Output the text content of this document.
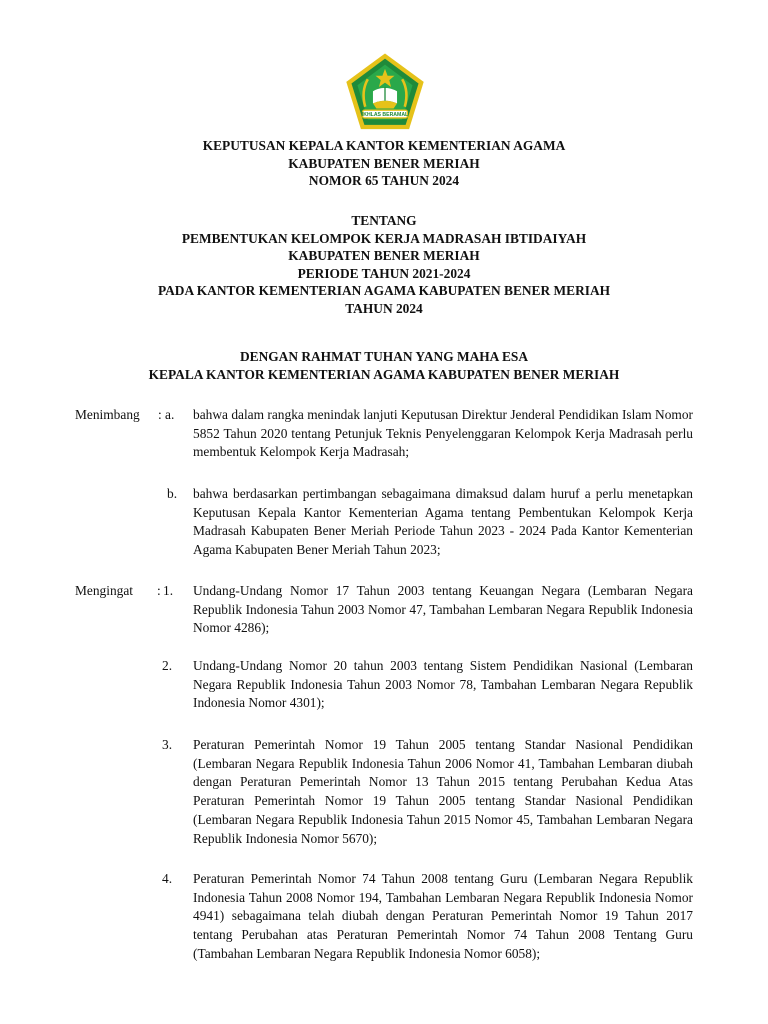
IKHLAS BERAMAL
KEPUTUSAN KEPALA KANTOR KEMENTERIAN AGAMA
KABUPATEN BENER MERIAH
NOMOR 65 TAHUN 2024
TENTANG
PEMBENTUKAN KELOMPOK KERJA MADRASAH IBTIDAIYAH
KABUPATEN BENER MERIAH
PERIODE TAHUN 2021-2024
PADA KANTOR KEMENTERIAN AGAMA KABUPATEN BENER MERIAH
TAHUN 2024
DENGAN RAHMAT TUHAN YANG MAHA ESA
KEPALA KANTOR KEMENTERIAN AGAMA KABUPATEN BENER MERIAH
Menimbang : a. bahwa dalam rangka menindak lanjuti Keputusan Direktur Jenderal Pendidikan Islam Nomor 5852 Tahun 2020 tentang Petunjuk Teknis Penyelenggaran Kelompok Kerja Madrasah perlu membentuk Kelompok Kerja Madrasah;
b. bahwa berdasarkan pertimbangan sebagaimana dimaksud dalam huruf a perlu menetapkan Keputusan Kepala Kantor Kementerian Agama tentang Pembentukan Kelompok Kerja Madrasah Kabupaten Bener Meriah Periode Tahun 2023 - 2024 Pada Kantor Kementerian Agama Kabupaten Bener Meriah Tahun 2023;
Mengingat : 1. Undang-Undang Nomor 17 Tahun 2003 tentang Keuangan Negara (Lembaran Negara Republik Indonesia Tahun 2003 Nomor 47, Tambahan Lembaran Negara Republik Indonesia Nomor 4286);
2. Undang-Undang Nomor 20 tahun 2003 tentang Sistem Pendidikan Nasional (Lembaran Negara Republik Indonesia Tahun 2003 Nomor 78, Tambahan Lembaran Negara Republik Indonesia Nomor 4301);
3. Peraturan Pemerintah Nomor 19 Tahun 2005 tentang Standar Nasional Pendidikan (Lembaran Negara Republik Indonesia Tahun 2006 Nomor 41, Tambahan Lembaran diubah dengan Peraturan Pemerintah Nomor 13 Tahun 2015 tentang Perubahan Kedua Atas Peraturan Pemerintah Nomor 19 Tahun 2005 tentang Standar Nasional Pendidikan (Lembaran Negara Republik Indonesia Tahun 2015 Nomor 45, Tambahan Lembaran Negara Republik Indonesia Nomor 5670);
4. Peraturan Pemerintah Nomor 74 Tahun 2008 tentang Guru (Lembaran Negara Republik Indonesia Tahun 2008 Nomor 194, Tambahan Lembaran Negara Republik Indonesia Nomor 4941) sebagaimana telah diubah dengan Peraturan Pemerintah Nomor 19 Tahun 2017 tentang Perubahan atas Peraturan Pemerintah Nomor 74 Tahun 2008 Tentang Guru (Tambahan Lembaran Negara Republik Indonesia Nomor 6058);
